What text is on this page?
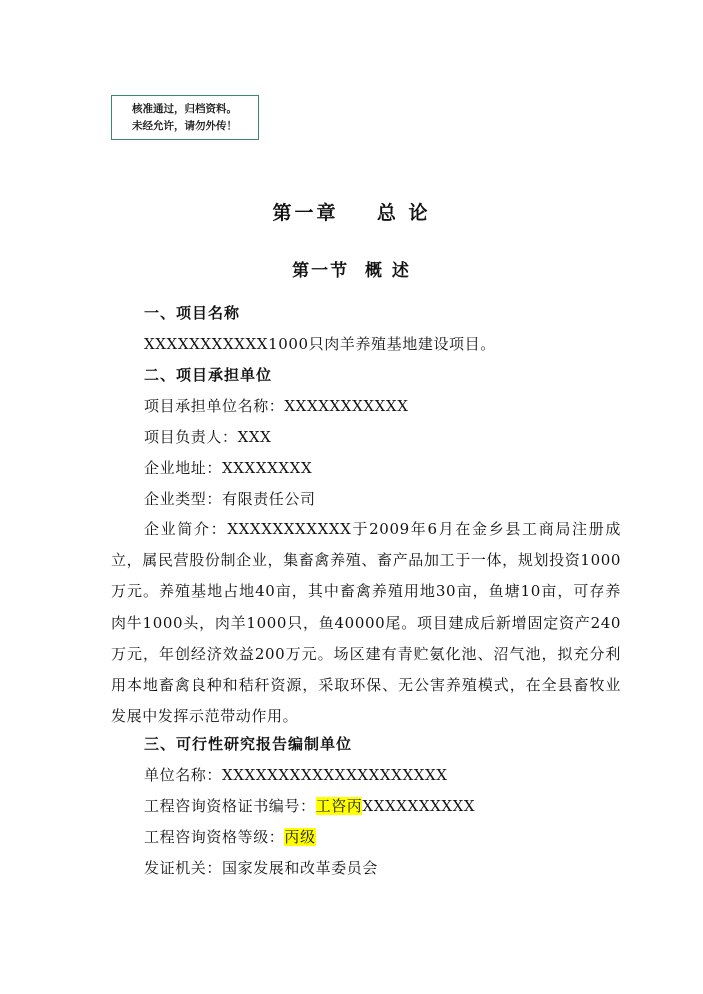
核准通过，归档资料。
未经允许，请勿外传！
第一章    总 论
第一节  概 述
一、项目名称
XXXXXXXXXXX1000只肉羊养殖基地建设项目。
二、项目承担单位
项目承担单位名称：XXXXXXXXXXX
项目负责人：XXX
企业地址：XXXXXXXX
企业类型：有限责任公司
企业简介：XXXXXXXXXXX于2009年6月在金乡县工商局注册成立，属民营股份制企业，集畜禽养殖、畜产品加工于一体，规划投资1000万元。养殖基地占地40亩，其中畜禽养殖用地30亩，鱼塘10亩，可存养肉牛1000头，肉羊1000只，鱼40000尾。项目建成后新增固定资产240万元，年创经济效益200万元。场区建有青贮氨化池、沼气池，拟充分利用本地畜禽良种和秸秆资源，采取环保、无公害养殖模式，在全县畜牧业发展中发挥示范带动作用。
三、可行性研究报告编制单位
单位名称：XXXXXXXXXXXXXXXXXXXX
工程咨询资格证书编号：工咨丙XXXXXXXXXX
工程咨询资格等级：丙级
发证机关：国家发展和改革委员会
